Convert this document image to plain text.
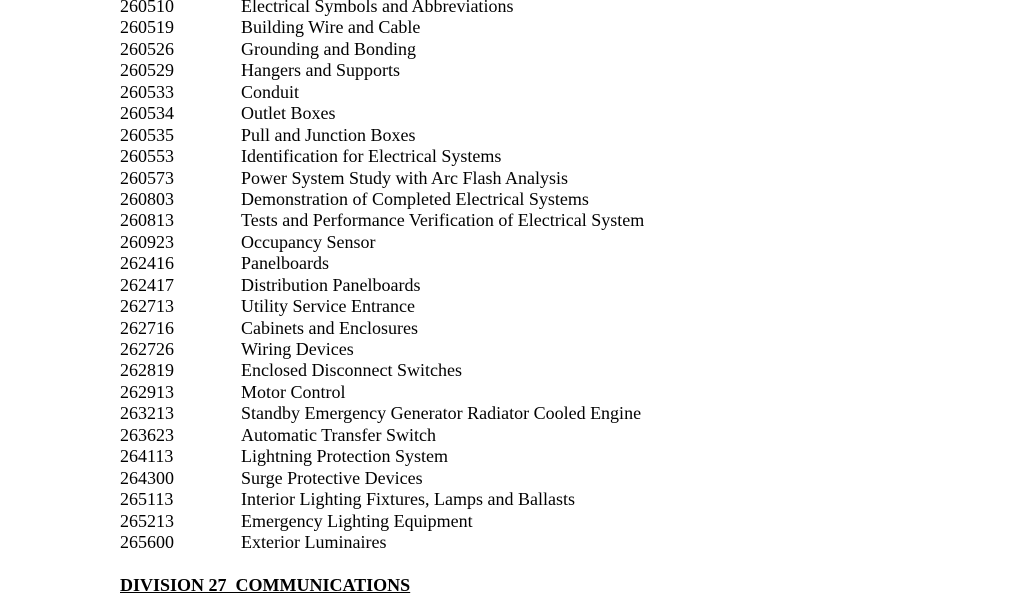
260510	Electrical Symbols and Abbreviations
260519	Building Wire and Cable
260526	Grounding and Bonding
260529	Hangers and Supports
260533	Conduit
260534	Outlet Boxes
260535	Pull and Junction Boxes
260553	Identification for Electrical Systems
260573	Power System Study with Arc Flash Analysis
260803	Demonstration of Completed Electrical Systems
260813	Tests and Performance Verification of Electrical System
260923	Occupancy Sensor
262416	Panelboards
262417	Distribution Panelboards
262713	Utility Service Entrance
262716	Cabinets and Enclosures
262726	Wiring Devices
262819	Enclosed Disconnect Switches
262913	Motor Control
263213	Standby Emergency Generator Radiator Cooled Engine
263623	Automatic Transfer Switch
264113	Lightning Protection System
264300	Surge Protective Devices
265113	Interior Lighting Fixtures, Lamps and Ballasts
265213	Emergency Lighting Equipment
265600	Exterior Luminaires
DIVISION 27  COMMUNICATIONS
